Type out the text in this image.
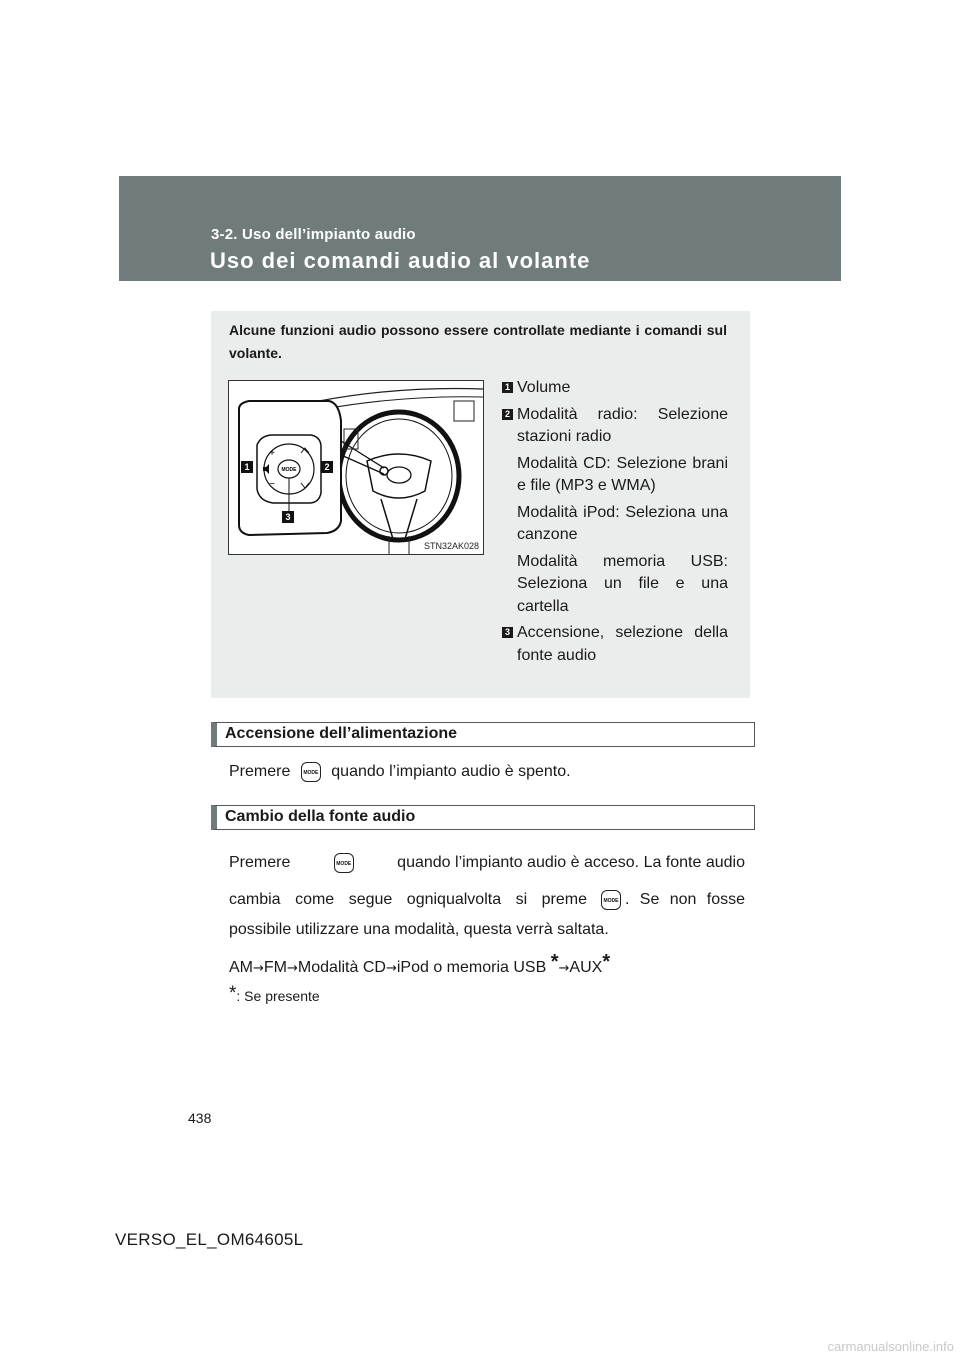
3-2. Uso dell’impianto audio
Uso dei comandi audio al volante
Alcune funzioni audio possono essere controllate mediante i comandi sul volante.
MODE
+
−
1	2
3
STN32AK028
1 Volume
2 Modalità radio: Selezione stazioni radio
Modalità CD: Selezione brani e file (MP3 e WMA)
Modalità iPod: Seleziona una canzone
Modalità memoria USB: Seleziona un file e una cartella
3 Accensione, selezione della fonte audio
Accensione dell’alimentazione
Premere	MODE quando l’impianto audio è spento.
Cambio della fonte audio
Premere	MODE	quando l’impianto audio è acceso. La fonte audio
cambia come segue ogniqualvolta si preme	MODE . Se non fosse
possibile utilizzare una modalità, questa verrà saltata.
AM→FM→Modalità CD→iPod o memoria USB *→AUX*
*: Se presente
438
VERSO_EL_OM64605L
carmanualsonline.info
